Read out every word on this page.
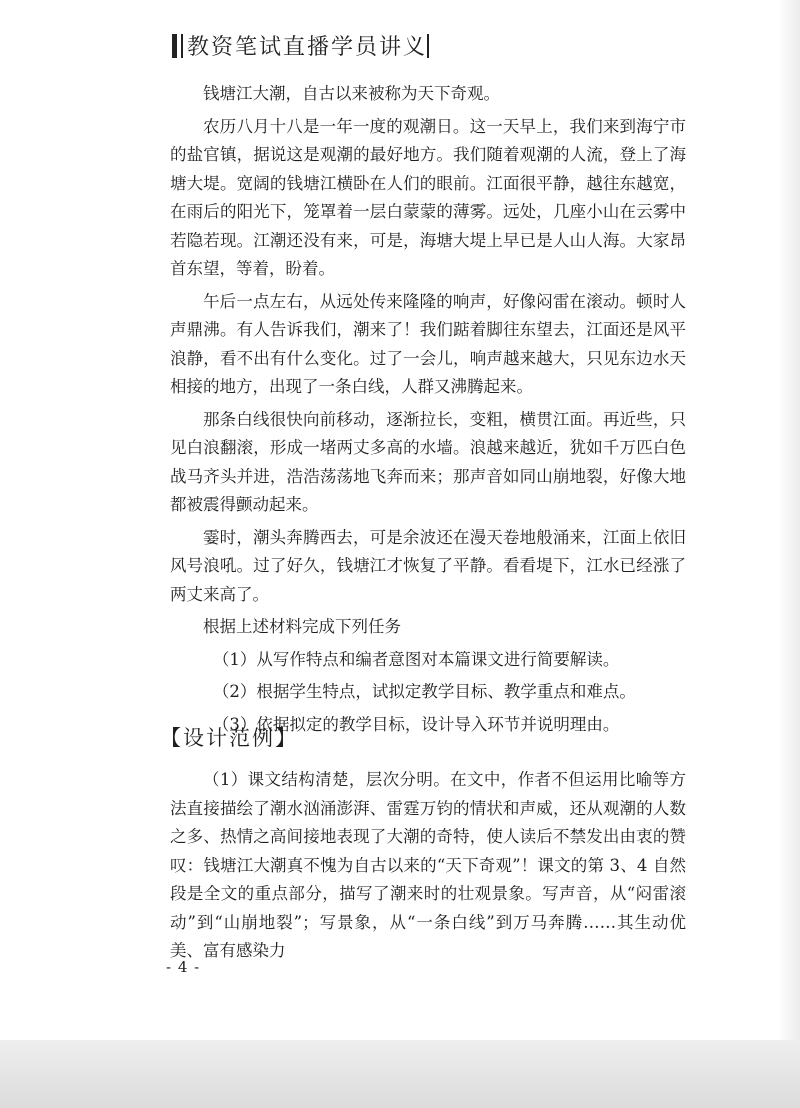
教资笔试直播学员讲义

钱塘江大潮，自古以来被称为天下奇观。

农历八月十八是一年一度的观潮日。这一天早上，我们来到海宁市的盐官镇，据说这是观潮的最好地方。我们随着观潮的人流，登上了海塘大堤。宽阔的钱塘江横卧在人们的眼前。江面很平静，越往东越宽，在雨后的阳光下，笼罩着一层白蒙蒙的薄雾。远处，几座小山在云雾中若隐若现。江潮还没有来，可是，海塘大堤上早已是人山人海。大家昂首东望，等着，盼着。

午后一点左右，从远处传来隆隆的响声，好像闷雷在滚动。顿时人声鼎沸。有人告诉我们，潮来了！我们踮着脚往东望去，江面还是风平浪静，看不出有什么变化。过了一会儿，响声越来越大，只见东边水天相接的地方，出现了一条白线，人群又沸腾起来。

那条白线很快向前移动，逐渐拉长，变粗，横贯江面。再近些，只见白浪翻滚，形成一堵两丈多高的水墙。浪越来越近，犹如千万匹白色战马齐头并进，浩浩荡荡地飞奔而来；那声音如同山崩地裂，好像大地都被震得颤动起来。

霎时，潮头奔腾西去，可是余波还在漫天卷地般涌来，江面上依旧风号浪吼。过了好久，钱塘江才恢复了平静。看看堤下，江水已经涨了两丈来高了。

根据上述材料完成下列任务

（1）从写作特点和编者意图对本篇课文进行简要解读。

（2）根据学生特点，试拟定教学目标、教学重点和难点。

（3）依据拟定的教学目标，设计导入环节并说明理由。

【设计范例】

（1）课文结构清楚，层次分明。在文中，作者不但运用比喻等方法直接描绘了潮水汹涌澎湃、雷霆万钧的情状和声威，还从观潮的人数之多、热情之高间接地表现了大潮的奇特，使人读后不禁发出由衷的赞叹：钱塘江大潮真不愧为自古以来的“天下奇观”！课文的第 3、4 自然段是全文的重点部分，描写了潮来时的壮观景象。写声音，从“闷雷滚动”到“山崩地裂”；写景象，从“一条白线”到万马奔腾……其生动优美、富有感染力

- 4 -
